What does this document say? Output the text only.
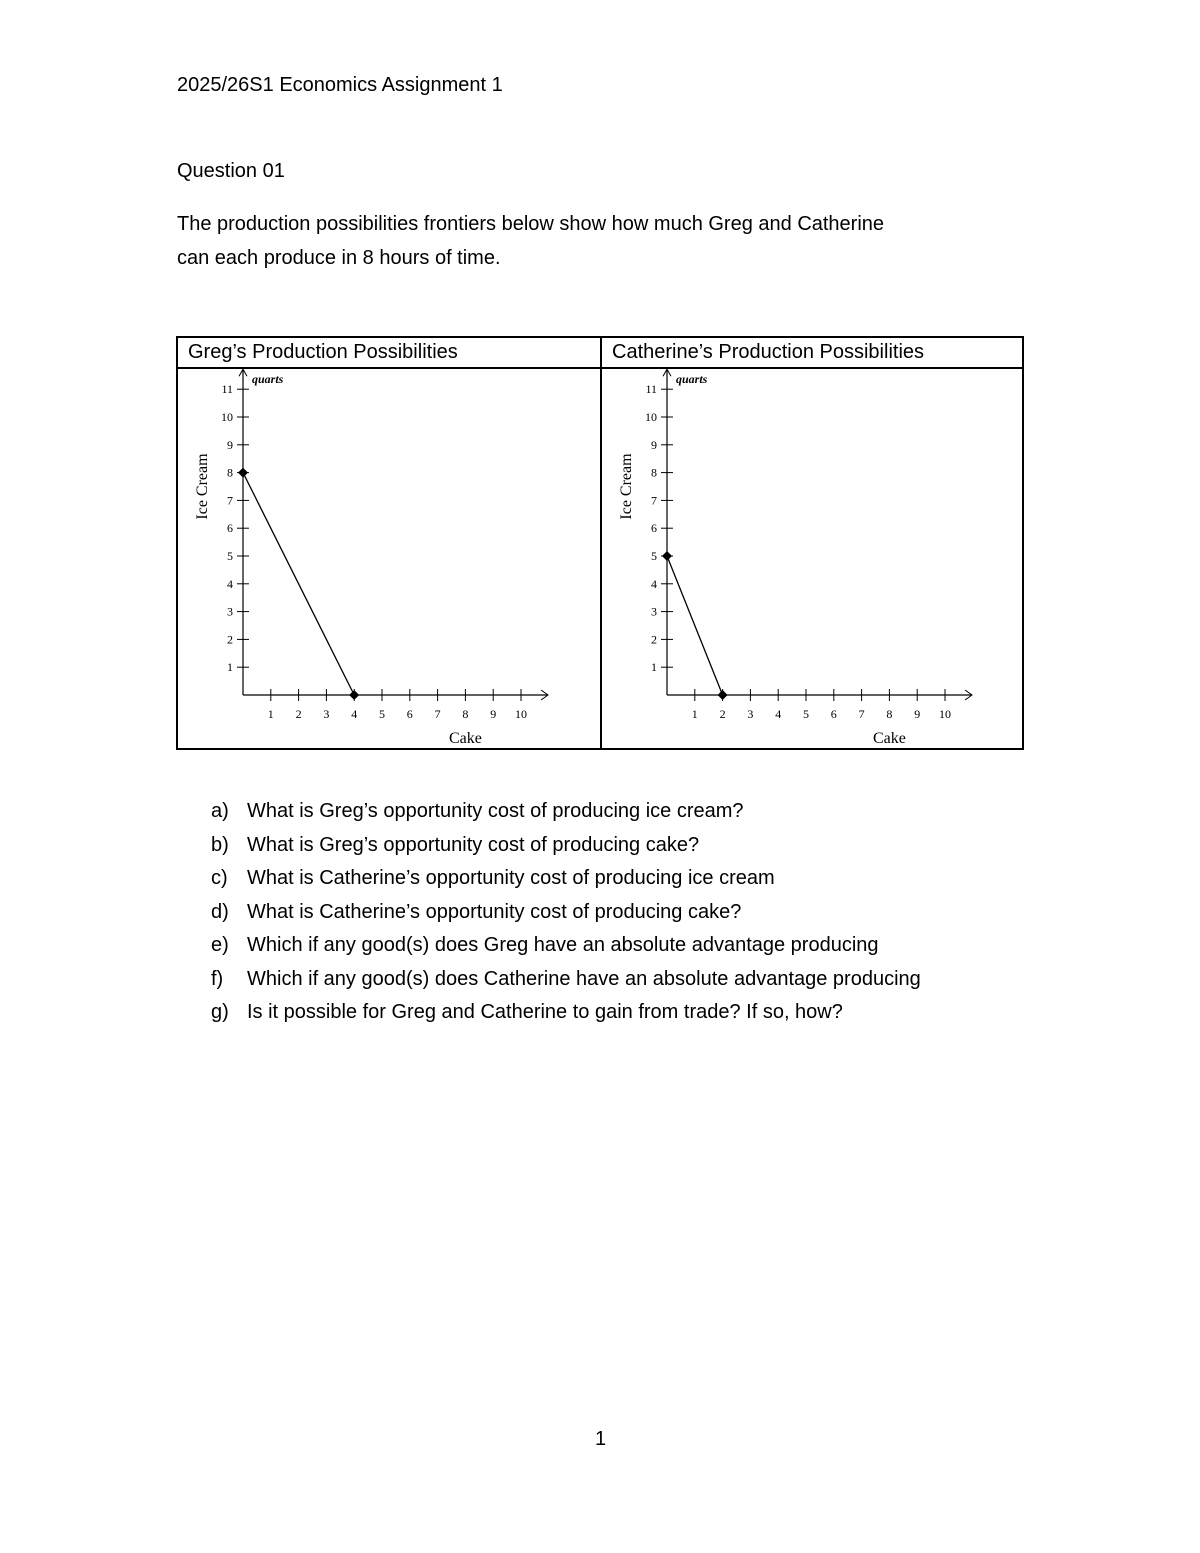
2025/26S1 Economics Assignment 1
Question 01
The production possibilities frontiers below show how much Greg and Catherine
can each produce in 8 hours of time.
Greg’s Production Possibilities	Catherine’s Production Possibilities
1 2 3 4 5 6 7 8 9 10
1
2
3
4
5
6
7
8
9
10
11
quarts
Ice Cream
Cake
1 2 3 4 5 6 7 8 9 10
1
2
3
4
5
6
7
8
9
10
11
quarts
Ice Cream
Cake
a) What is Greg’s opportunity cost of producing ice cream?
b) What is Greg’s opportunity cost of producing cake?
c) What is Catherine’s opportunity cost of producing ice cream
d) What is Catherine’s opportunity cost of producing cake?
e) Which if any good(s) does Greg have an absolute advantage producing
f) Which if any good(s) does Catherine have an absolute advantage producing
g) Is it possible for Greg and Catherine to gain from trade? If so, how?
1
